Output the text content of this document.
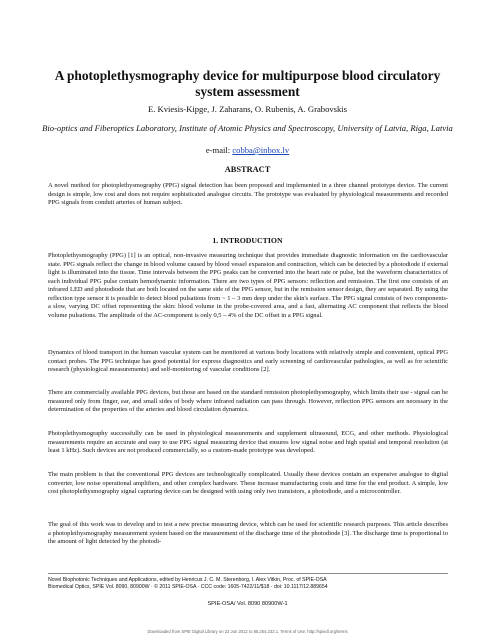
A photoplethysmography device for multipurpose blood circulatory system assessment
E. Kviesis-Kipge, J. Zaharans, O. Rubenis, A. Grabovskis
Bio-optics and Fiberoptics Laboratory, Institute of Atomic Physics and Spectroscopy, University of Latvia, Riga, Latvia
e-mail: cobba@inbox.lv
ABSTRACT

A novel method for photoplethysmography (PPG) signal detection has been proposed and implemented in a three channel prototype device. The current design is simple, low cost and does not require sophisticated analogue circuits. The prototype was evaluated by physiological measurements and recorded PPG signals from conduit arteries of human subject.

1. INTRODUCTION

Photoplethysmography (PPG) [1] is an optical, non-invasive measuring technique that provides immediate diagnostic information on the cardiovascular state. PPG signals reflect the change in blood volume caused by blood vessel expansion and contraction, which can be detected by a photodiode if external light is illuminated into the tissue. Time intervals between the PPG peaks can be converted into the heart rate or pulse, but the waveform characteristics of each individual PPG pulse contain hemodynamic information. There are two types of PPG sensors: reflection and remission. The first one consists of an infrared LED and photodiode that are both located on the same side of the PPG sensor, but in the remission sensor design, they are separated. By using the reflection type sensor it is possible to detect blood pulsations from ~ 1 – 3 mm deep under the skin's surface. The PPG signal consists of two components- a slow, varying DC offset representing the skin: blood volume in the probe-covered area, and a fast, alternating AC component that reflects the blood volume pulsations. The amplitude of the AC-component is only 0,5 – 4% of the DC offset in a PPG signal.

Dynamics of blood transport in the human vascular system can be monitored at various body locations with relatively simple and convenient, optical PPG contact probes. The PPG technique has good potential for express diagnostics and early screening of cardiovascular pathologies, as well as for scientific research (physiological measurements) and self-monitoring of vascular conditions [2].

There are commercially available PPG devices, but those are based on the standard remission photoplethysmography, which limits their use - signal can be measured only from finger, ear, and small sides of body where infrared radiation can pass through. However, reflection PPG sensors are necessary in the determination of the properties of the arteries and blood circulation dynamics.

Photoplethysmography successfully can be used in physiological measurements and supplement ultrasound, ECG, and other methods. Physiological measurements require an accurate and easy to use PPG signal measuring device that ensures low signal noise and high spatial and temporal resolution (at least 1 kHz). Such devices are not produced commercially, so a custom-made prototype was developed.

The main problem is that the conventional PPG devices are technologically complicated. Usually these devices contain an expensive analogue to digital converter, low noise operational amplifiers, and other complex hardware. These increase manufacturing costs and time for the end product. A simple, low cost photoplethysmography signal capturing device can be designed with using only two transistors, a photodiode, and a microcontroller.

The goal of this work was to develop and to test a new precise measuring device, which can be used for scientific research purposes. This article describes a photoplethysmography measurement system based on the measurement of the discharge time of the photodiode [3]. The discharge time is proportional to the amount of light detected by the photodi-

Novel Biophotonic Techniques and Applications, edited by Henricus J. C. M. Sterenborg, I. Alex Vitkin, Proc. of SPIE-OSA
Biomedical Optics, SPIE Vol. 8090, 80900W · © 2011 SPIE-OSA · CCC code: 1605-7422/11/$18 · doi: 10.1117/12.889654
SPIE-OSA/ Vol. 8090 80900W-1
Downloaded from SPIE Digital Library on 22 Jun 2012 to 85.254.232.1. Terms of Use: http://spiedl.org/terms
